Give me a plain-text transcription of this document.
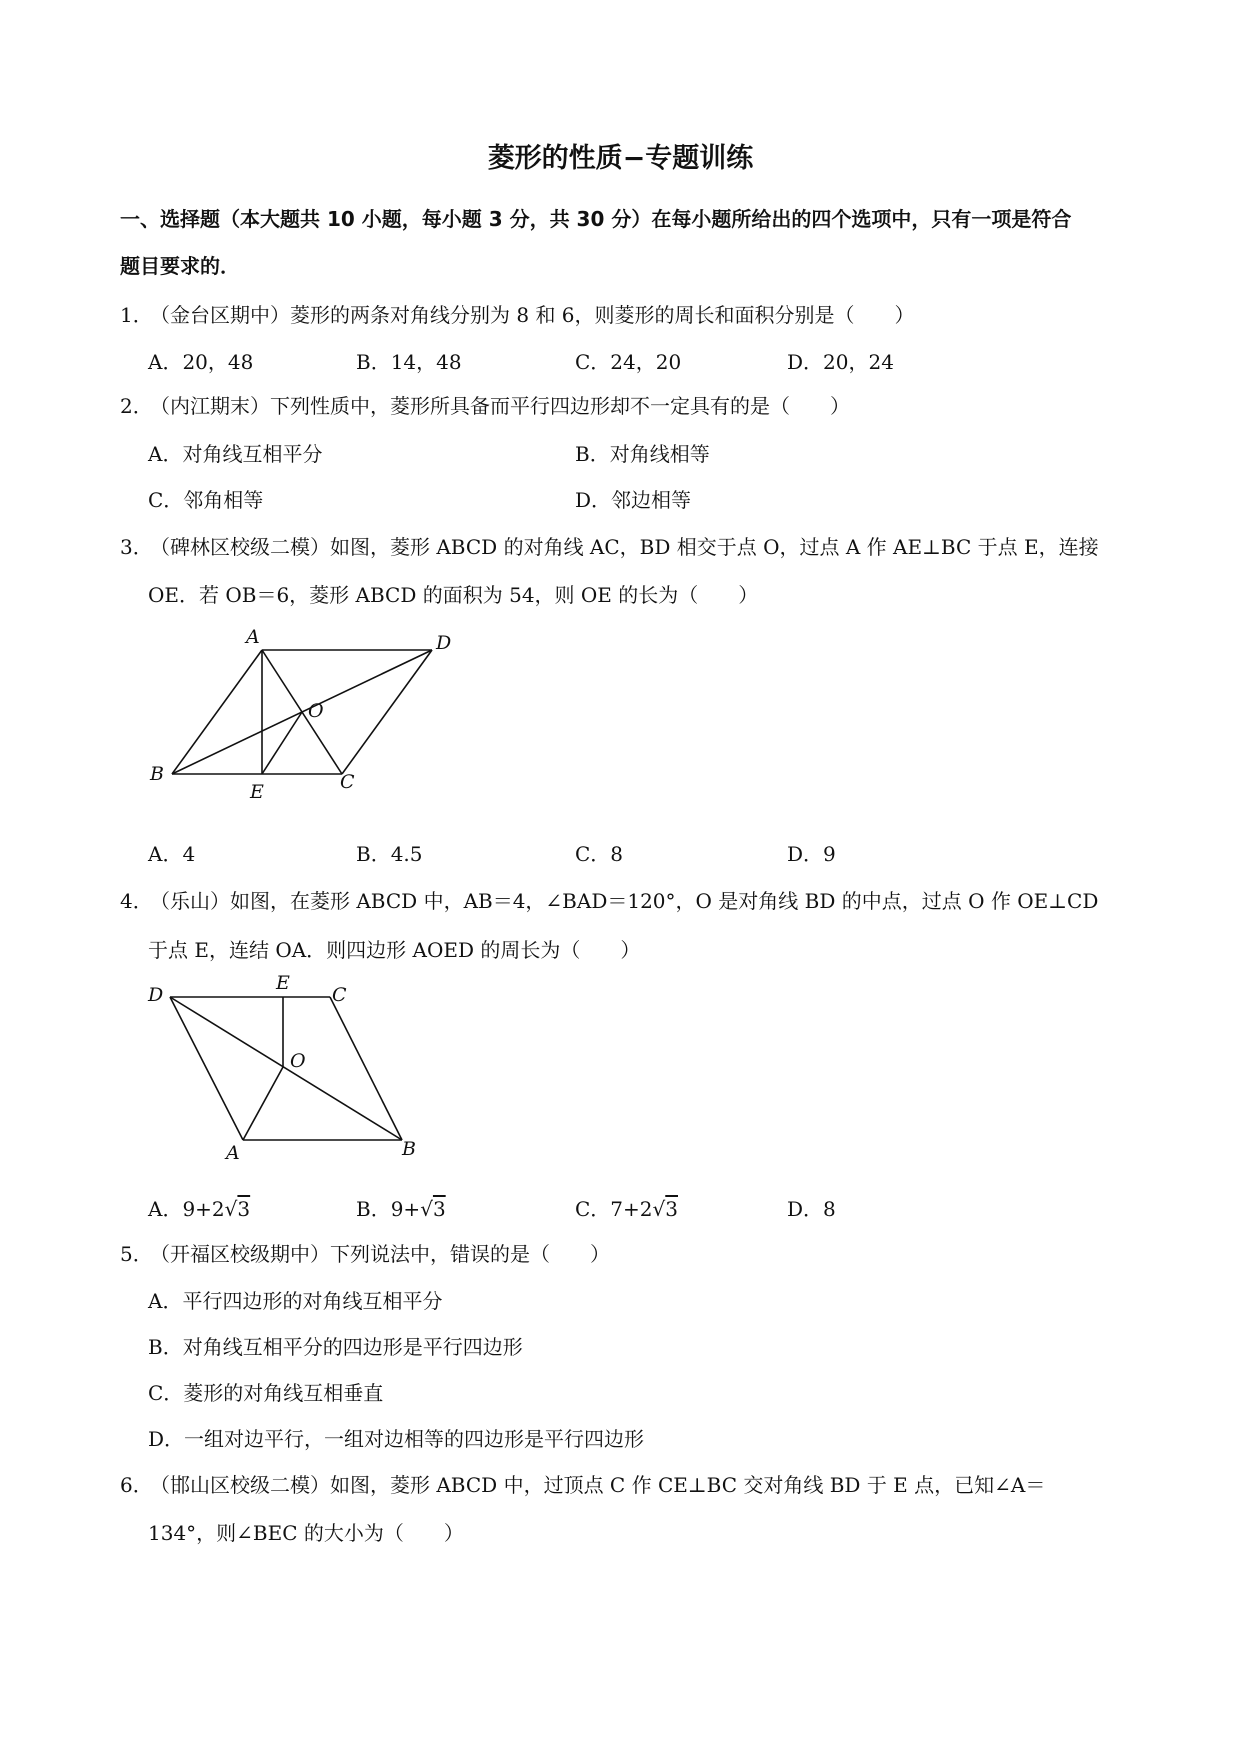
菱形的性质−专题训练
一、选择题（本大题共 10 小题，每小题 3 分，共 30 分）在每小题所给出的四个选项中，只有一项是符合
题目要求的．
1．（金台区期中）菱形的两条对角线分别为 8 和 6，则菱形的周长和面积分别是（　　）
A．20，48	B．14，48	C．24，20	D．20，24
2．（内江期末）下列性质中，菱形所具备而平行四边形却不一定具有的是（　　）
A．对角线互相平分	B．对角线相等
C．邻角相等	D．邻边相等
3．（碑林区校级二模）如图，菱形 ABCD 的对角线 AC，BD 相交于点 O，过点 A 作 AE⊥BC 于点 E，连接
OE．若 OB＝6，菱形 ABCD 的面积为 54，则 OE 的长为（　　）
A	D
O
B
E	C
A．4	B．4.5	C．8	D．9
4．（乐山）如图，在菱形 ABCD 中，AB＝4，∠BAD＝120°，O 是对角线 BD 的中点，过点 O 作 OE⊥CD
于点 E，连结 OA．则四边形 AOED 的周长为（　　）
D
E
C
O
A	B
A．9+2√3	B．9+√3	C．7+2√3	D．8
5．（开福区校级期中）下列说法中，错误的是（　　）
A．平行四边形的对角线互相平分
B．对角线互相平分的四边形是平行四边形
C．菱形的对角线互相垂直
D．一组对边平行，一组对边相等的四边形是平行四边形
6．（邯山区校级二模）如图，菱形 ABCD 中，过顶点 C 作 CE⊥BC 交对角线 BD 于 E 点，已知∠A＝
134°，则∠BEC 的大小为（　　）
